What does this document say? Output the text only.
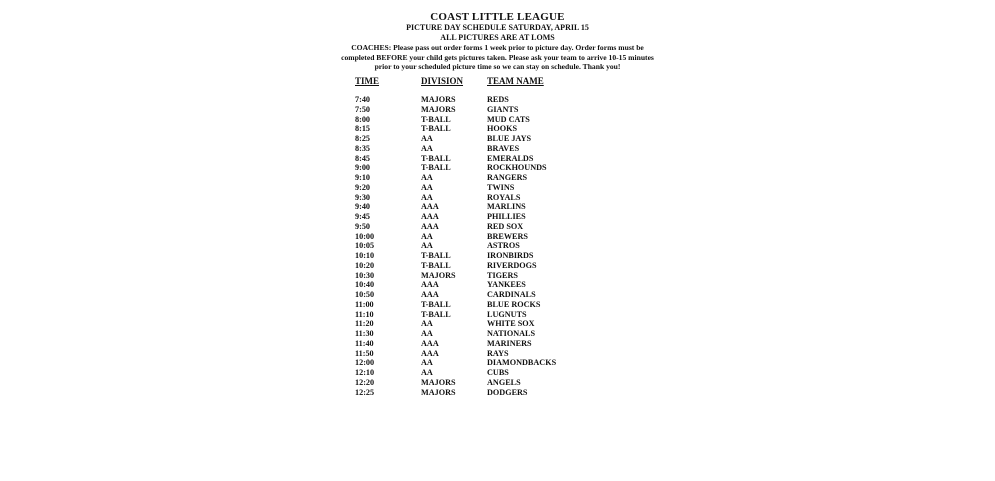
COAST LITTLE LEAGUE
PICTURE DAY SCHEDULE SATURDAY, APRIL 15
ALL PICTURES ARE AT LOMS
COACHES: Please pass out order forms 1 week prior to picture day. Order forms must be completed BEFORE your child gets pictures taken. Please ask your team to arrive 10-15 minutes prior to your scheduled picture time so we can stay on schedule. Thank you!
TIME	DIVISION	TEAM NAME
7:40	MAJORS	REDS
7:50	MAJORS	GIANTS
8:00	T-BALL	MUD CATS
8:15	T-BALL	HOOKS
8:25	AA	BLUE JAYS
8:35	AA	BRAVES
8:45	T-BALL	EMERALDS
9:00	T-BALL	ROCKHOUNDS
9:10	AA	RANGERS
9:20	AA	TWINS
9:30	AA	ROYALS
9:40	AAA	MARLINS
9:45	AAA	PHILLIES
9:50	AAA	RED SOX
10:00	AA	BREWERS
10:05	AA	ASTROS
10:10	T-BALL	IRONBIRDS
10:20	T-BALL	RIVERDOGS
10:30	MAJORS	TIGERS
10:40	AAA	YANKEES
10:50	AAA	CARDINALS
11:00	T-BALL	BLUE ROCKS
11:10	T-BALL	LUGNUTS
11:20	AA	WHITE SOX
11:30	AA	NATIONALS
11:40	AAA	MARINERS
11:50	AAA	RAYS
12:00	AA	DIAMONDBACKS
12:10	AA	CUBS
12:20	MAJORS	ANGELS
12:25	MAJORS	DODGERS
